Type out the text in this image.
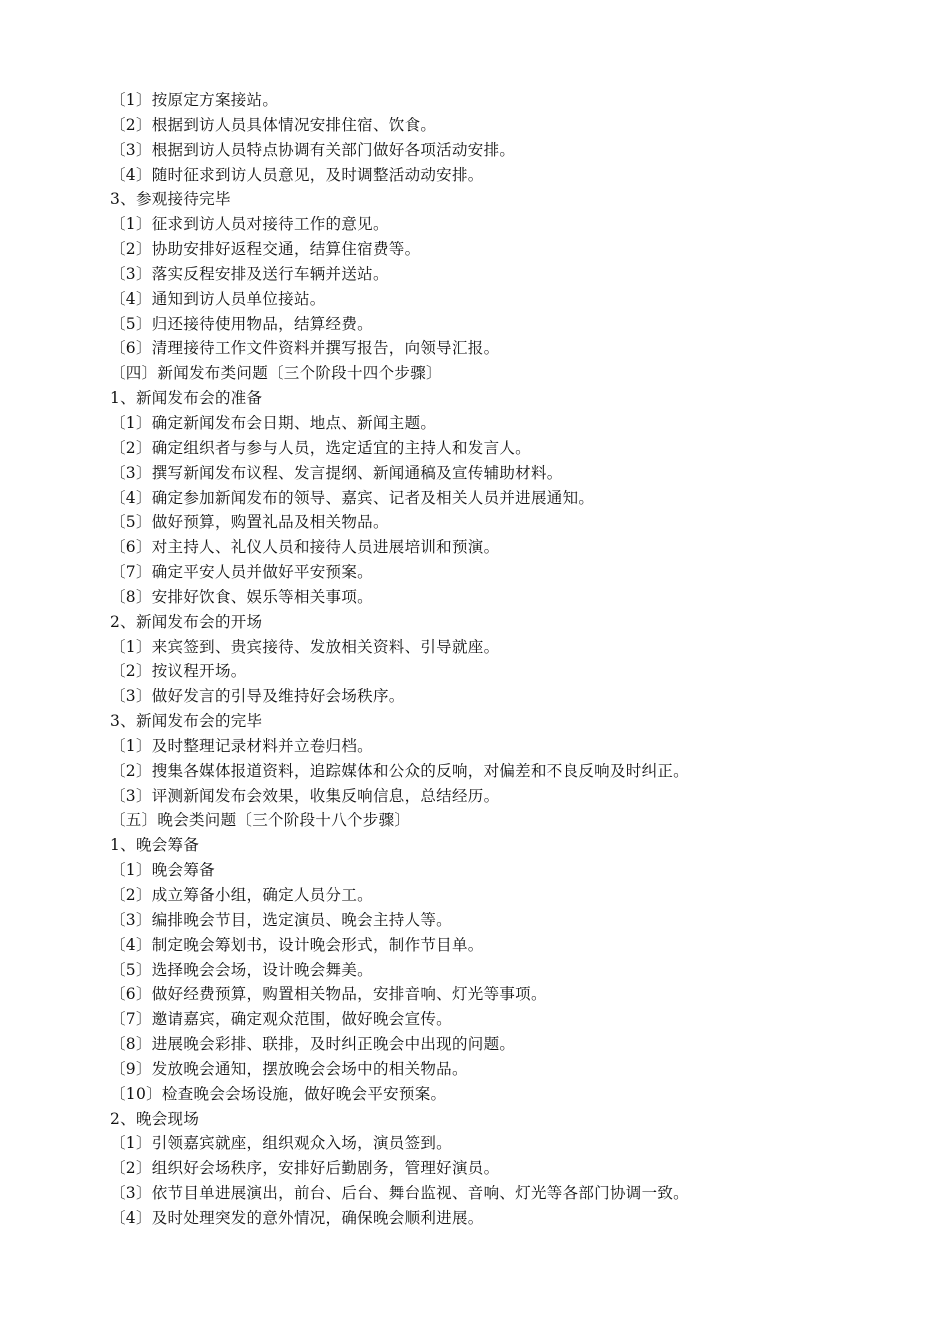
〔1〕按原定方案接站。
〔2〕根据到访人员具体情况安排住宿、饮食。
〔3〕根据到访人员特点协调有关部门做好各项活动安排。
〔4〕随时征求到访人员意见，及时调整活动动安排。
3、参观接待完毕
〔1〕征求到访人员对接待工作的意见。
〔2〕协助安排好返程交通，结算住宿费等。
〔3〕落实反程安排及送行车辆并送站。
〔4〕通知到访人员单位接站。
〔5〕归还接待使用物品，结算经费。
〔6〕清理接待工作文件资料并撰写报告，向领导汇报。
〔四〕新闻发布类问题〔三个阶段十四个步骤〕
1、新闻发布会的准备
〔1〕确定新闻发布会日期、地点、新闻主题。
〔2〕确定组织者与参与人员，选定适宜的主持人和发言人。
〔3〕撰写新闻发布议程、发言提纲、新闻通稿及宣传辅助材料。
〔4〕确定参加新闻发布的领导、嘉宾、记者及相关人员并进展通知。
〔5〕做好预算，购置礼品及相关物品。
〔6〕对主持人、礼仪人员和接待人员进展培训和预演。
〔7〕确定平安人员并做好平安预案。
〔8〕安排好饮食、娱乐等相关事项。
2、新闻发布会的开场
〔1〕来宾签到、贵宾接待、发放相关资料、引导就座。
〔2〕按议程开场。
〔3〕做好发言的引导及维持好会场秩序。
3、新闻发布会的完毕
〔1〕及时整理记录材料并立卷归档。
〔2〕搜集各媒体报道资料，追踪媒体和公众的反响，对偏差和不良反响及时纠正。
〔3〕评测新闻发布会效果，收集反响信息，总结经历。
〔五〕晚会类问题〔三个阶段十八个步骤〕
1、晚会筹备
〔1〕晚会筹备
〔2〕成立筹备小组，确定人员分工。
〔3〕编排晚会节目，选定演员、晚会主持人等。
〔4〕制定晚会筹划书，设计晚会形式，制作节目单。
〔5〕选择晚会会场，设计晚会舞美。
〔6〕做好经费预算，购置相关物品，安排音响、灯光等事项。
〔7〕邀请嘉宾，确定观众范围，做好晚会宣传。
〔8〕进展晚会彩排、联排，及时纠正晚会中出现的问题。
〔9〕发放晚会通知，摆放晚会会场中的相关物品。
〔10〕检查晚会会场设施，做好晚会平安预案。
2、晚会现场
〔1〕引领嘉宾就座，组织观众入场，演员签到。
〔2〕组织好会场秩序，安排好后勤剧务，管理好演员。
〔3〕依节目单进展演出，前台、后台、舞台监视、音响、灯光等各部门协调一致。
〔4〕及时处理突发的意外情况，确保晚会顺利进展。
